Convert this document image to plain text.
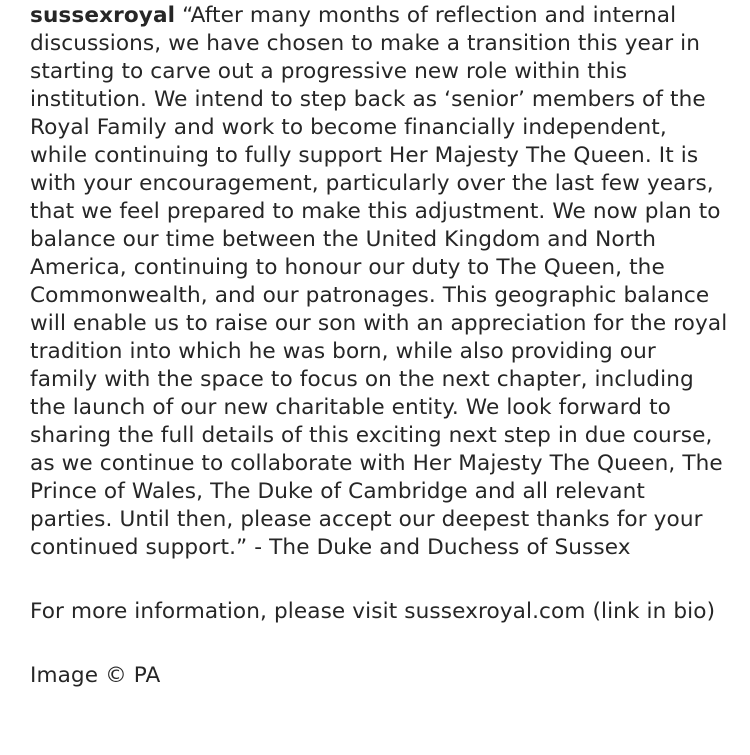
sussexroyal “After many months of reflection and internal discussions, we have chosen to make a transition this year in starting to carve out a progressive new role within this institution. We intend to step back as ‘senior’ members of the Royal Family and work to become financially independent, while continuing to fully support Her Majesty The Queen. It is with your encouragement, particularly over the last few years, that we feel prepared to make this adjustment. We now plan to balance our time between the United Kingdom and North America, continuing to honour our duty to The Queen, the Commonwealth, and our patronages. This geographic balance will enable us to raise our son with an appreciation for the royal tradition into which he was born, while also providing our family with the space to focus on the next chapter, including the launch of our new charitable entity. We look forward to sharing the full details of this exciting next step in due course, as we continue to collaborate with Her Majesty The Queen, The Prince of Wales, The Duke of Cambridge and all relevant parties. Until then, please accept our deepest thanks for your continued support.” - The Duke and Duchess of Sussex

For more information, please visit sussexroyal.com (link in bio)

Image © PA
